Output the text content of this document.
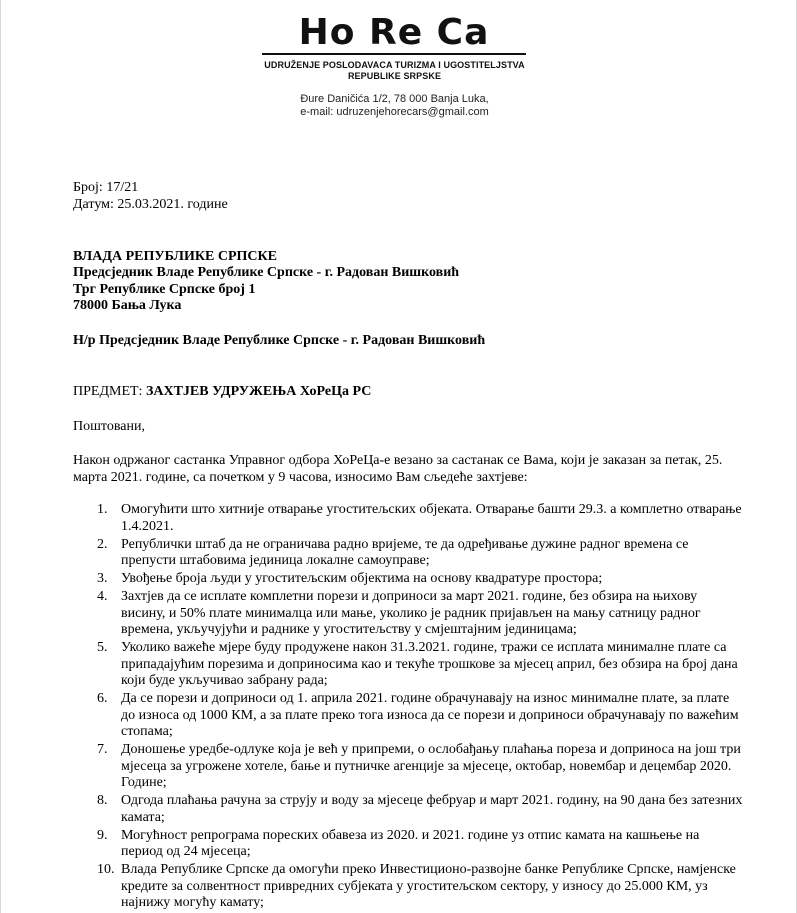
Ho Re Ca
UDRUŽENJE POSLODAVACA TURIZMA I UGOSTITELJSTVA
REPUBLIKE SRPSKE
Đure Daničića 1/2, 78 000 Banja Luka,
e-mail: udruzenjehorecars@gmail.com
Број: 17/21
Датум: 25.03.2021. године
ВЛАДА РЕПУБЛИКЕ СРПСКЕ
Предсједник Владе Републике Српске - г. Радован Вишковић
Трг Републике Српске број 1
78000 Бања Лука
Н/р Предсједник Владе Републике Српске - г. Радован Вишковић
ПРЕДМЕТ: ЗАХТЈЕВ УДРУЖЕЊА ХоРеЦа РС
Поштовани,
Након одржаног састанка Управног одбора ХоРеЦа-е везано за састанак се Вама, који је заказан за петак, 25. марта 2021. године, са почетком у 9 часова, износимо Вам сљедеће захтјеве:
1. Омогућити што хитније отварање угоститељских објеката. Отварање башти 29.3. а комплетно отварање 1.4.2021.
2. Републички штаб да не ограничава радно вријеме, те да одређивање дужине радног времена се препусти штабовима јединица локалне самоуправе;
3. Увођење броја људи у угоститељским објектима на основу квадратуре простора;
4. Захтјев да се исплате комплетни порези и доприноси за март 2021. године, без обзира на њихову висину, и 50% плате минималца или мање, уколико је радник пријављен на мању сатницу радног времена, укључујући и раднике у угоститељству у смјештајним јединицама;
5. Уколико важеће мјере буду продужене након 31.3.2021. године, тражи се исплата минималне плате са припадајућим порезима и доприносима као и текуће трошкове за мјесец април, без обзира на број дана који буде укључивао забрану рада;
6. Да се порези и доприноси од 1. априла 2021. године обрачунавају на износ минималне плате, за плате до износа од 1000 КМ, а за плате преко тога износа да се порези и доприноси обрачунавају по важећим стопама;
7. Доношење уредбе-одлуке која је већ у припреми, о ослобађању плаћања пореза и доприноса на још три мјесеца за угрожене хотеле, бање и путничке агенције за мјесеце, октобар, новембар и децембар 2020. Године;
8. Одгода плаћања рачуна за струју и воду за мјесеце фебруар и март 2021. годину, на 90 дана без затезних камата;
9. Могућност репрограма пореских обавеза из 2020. и 2021. године уз отпис камата на кашњење на период од 24 мјесеца;
10. Влада Републике Српске да омогући преко Инвестиционо-развојне банке Републике Српске, намјенске кредите за солвентност привредних субјеката у угоститељском сектору, у износу до 25.000 КМ, уз најнижу могућу камату;
